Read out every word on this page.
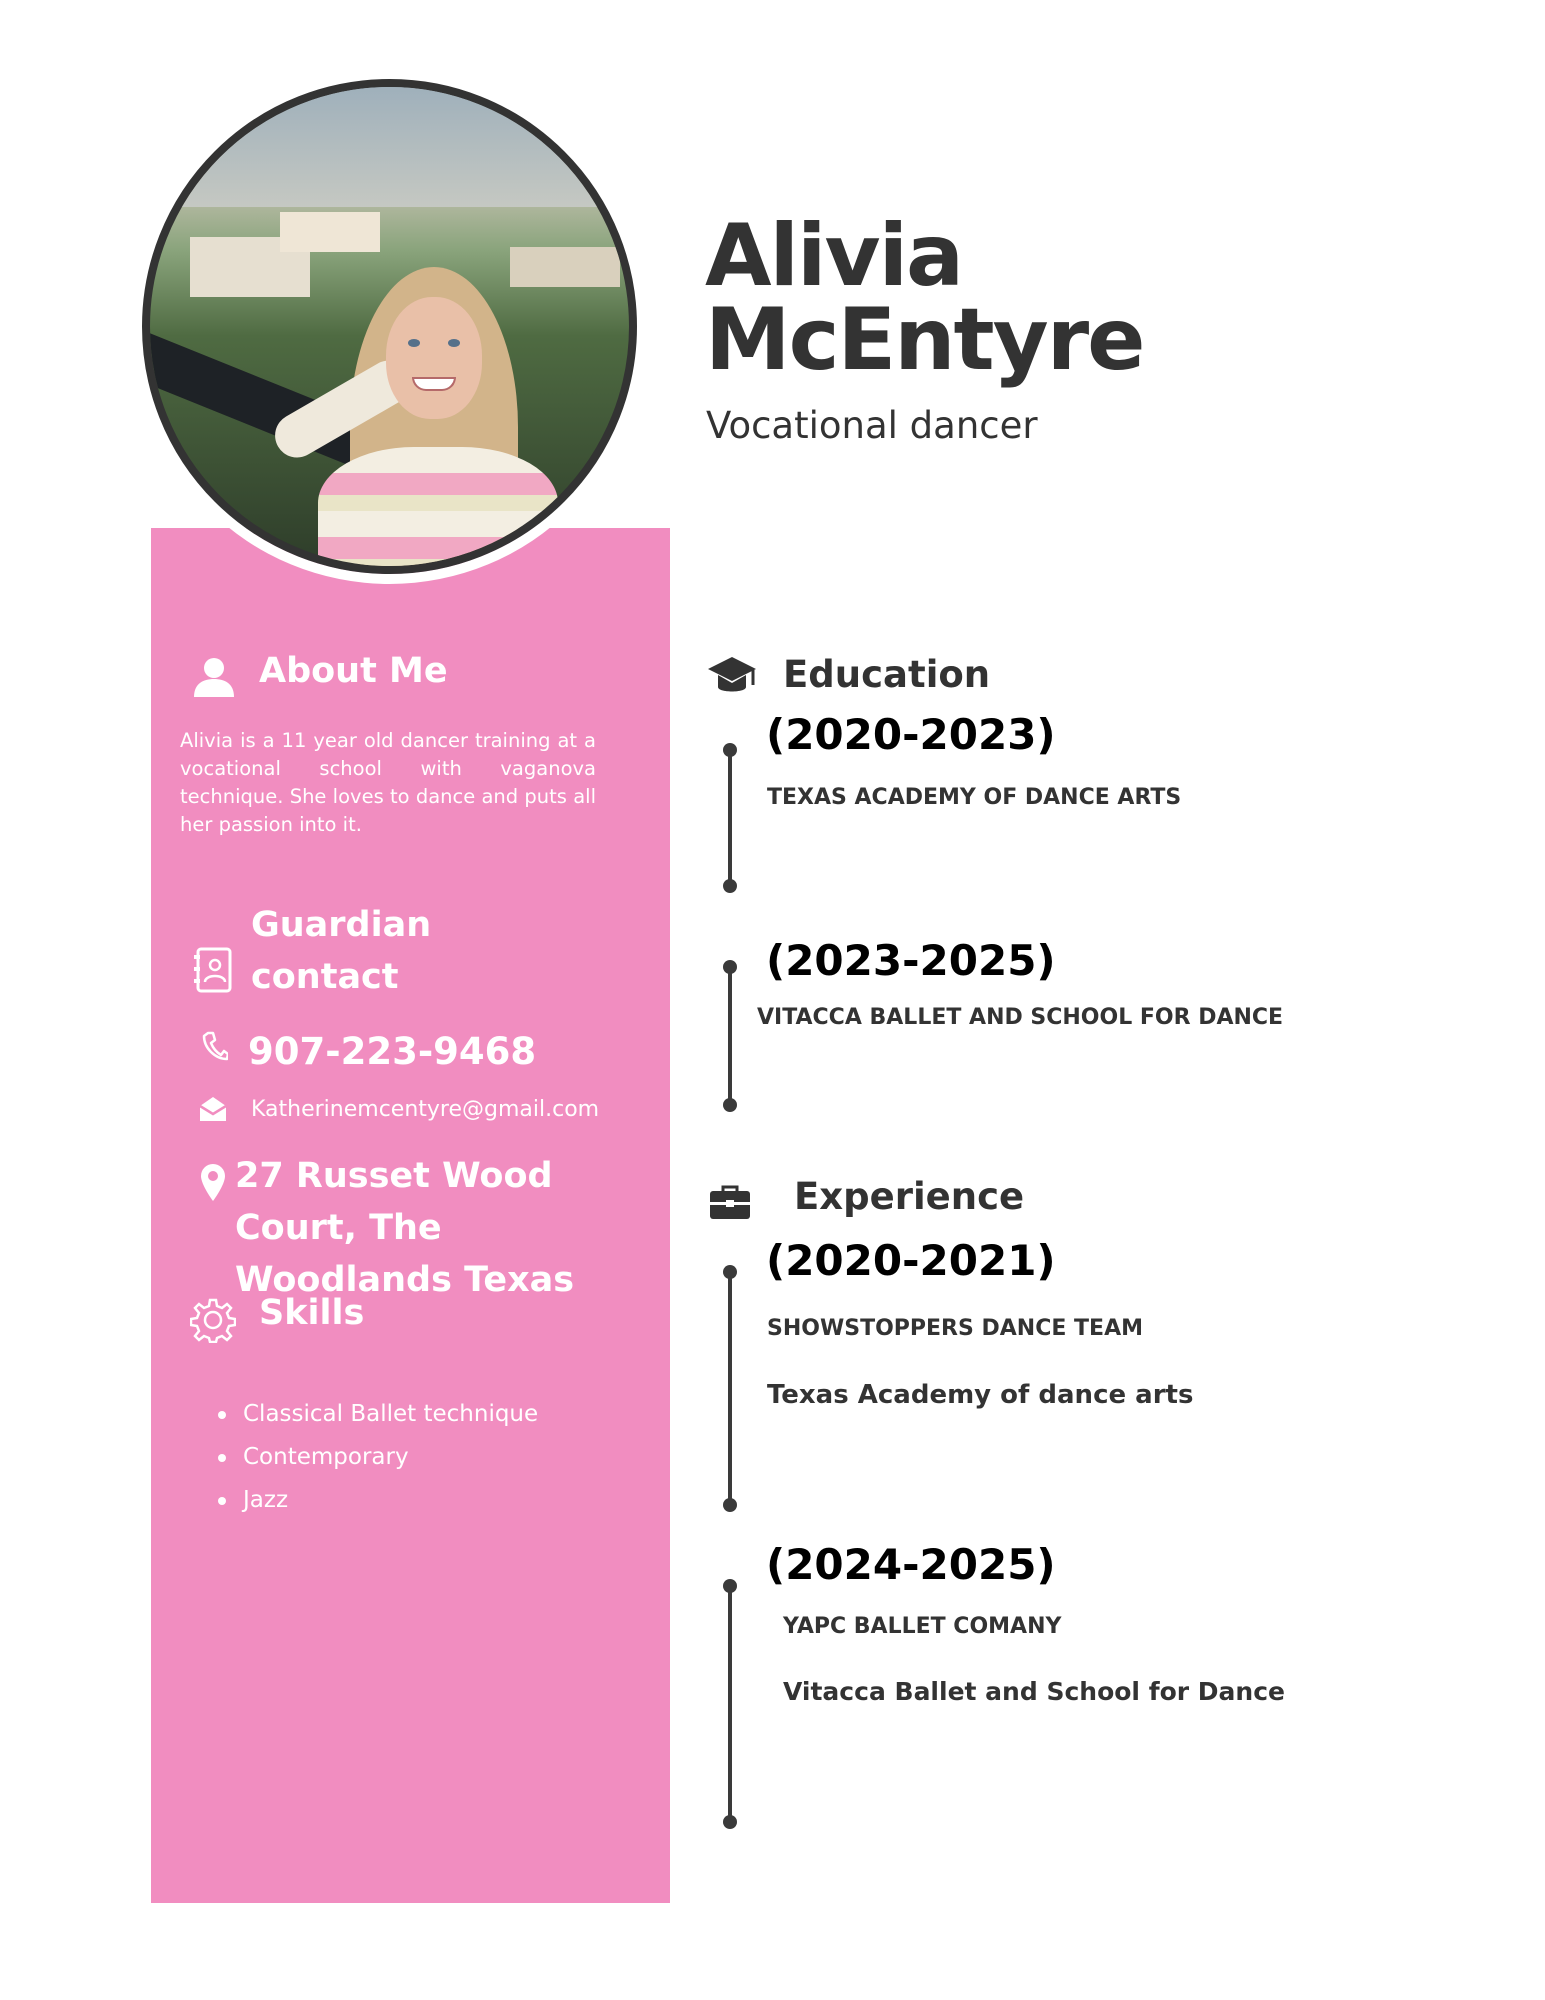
Alivia
McEntyre
Vocational dancer
About Me
Alivia is a 11 year old dancer training at a vocational school with vaganova technique. She loves to dance and puts all her passion into it.
Guardian
contact
907-223-9468
Katherinemcentyre@gmail.com
27 Russet Wood Court, The Woodlands Texas
Skills
Classical Ballet technique
Contemporary
Jazz
Education
(2020-2023)
TEXAS ACADEMY OF DANCE ARTS
(2023-2025)
VITACCA BALLET AND SCHOOL FOR DANCE
Experience
(2020-2021)
SHOWSTOPPERS DANCE TEAM
Texas Academy of dance arts
(2024-2025)
YAPC BALLET COMANY
Vitacca Ballet and School for Dance
